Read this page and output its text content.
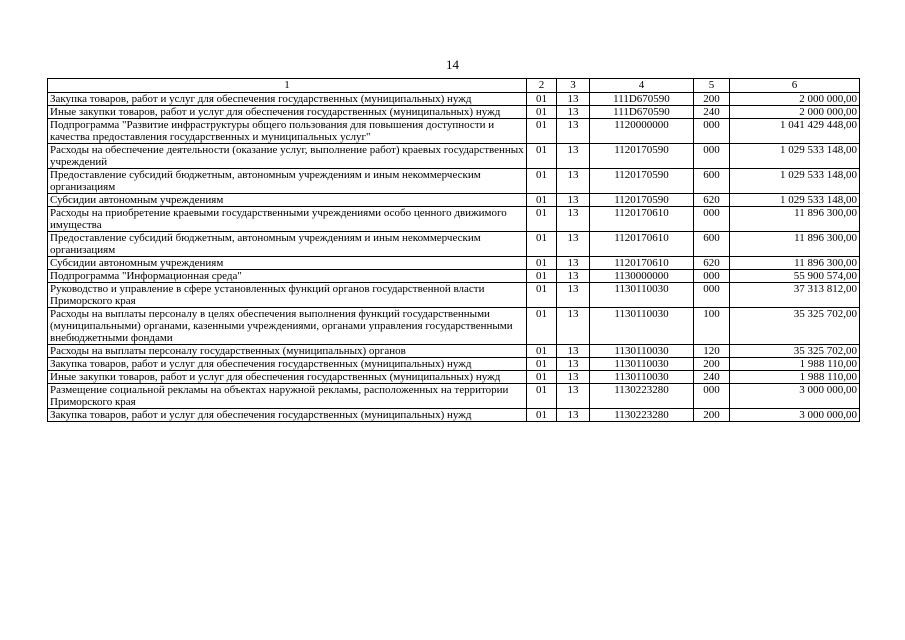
14
1	2	3	4	5	6
Закупка товаров, работ и услуг для обеспечения государственных (муниципальных) нужд	01	13	111D670590	200	2 000 000,00
Иные закупки товаров, работ и услуг для обеспечения государственных (муниципальных) нужд	01	13	111D670590	240	2 000 000,00
Подпрограмма "Развитие инфраструктуры общего пользования для повышения доступности и качества предоставления государственных и муниципальных услуг"	01	13	1120000000	000	1 041 429 448,00
Расходы на обеспечение деятельности (оказание услуг, выполнение работ) краевых государственных учреждений	01	13	1120170590	000	1 029 533 148,00
Предоставление субсидий бюджетным, автономным учреждениям и иным некоммерческим организациям	01	13	1120170590	600	1 029 533 148,00
Субсидии автономным учреждениям	01	13	1120170590	620	1 029 533 148,00
Расходы на приобретение краевыми государственными учреждениями особо ценного движимого имущества	01	13	1120170610	000	11 896 300,00
Предоставление субсидий бюджетным, автономным учреждениям и иным некоммерческим организациям	01	13	1120170610	600	11 896 300,00
Субсидии автономным учреждениям	01	13	1120170610	620	11 896 300,00
Подпрограмма "Информационная среда"	01	13	1130000000	000	55 900 574,00
Руководство и управление в сфере установленных функций органов государственной власти Приморского края	01	13	1130110030	000	37 313 812,00
Расходы на выплаты персоналу в целях обеспечения выполнения функций государственными (муниципальными) органами, казенными учреждениями, органами управления государственными внебюджетными фондами	01	13	1130110030	100	35 325 702,00
Расходы на выплаты персоналу государственных (муниципальных) органов	01	13	1130110030	120	35 325 702,00
Закупка товаров, работ и услуг для обеспечения государственных (муниципальных) нужд	01	13	1130110030	200	1 988 110,00
Иные закупки товаров, работ и услуг для обеспечения государственных (муниципальных) нужд	01	13	1130110030	240	1 988 110,00
Размещение социальной рекламы на объектах наружной рекламы, расположенных на территории Приморского края	01	13	1130223280	000	3 000 000,00
Закупка товаров, работ и услуг для обеспечения государственных (муниципальных) нужд	01	13	1130223280	200	3 000 000,00
